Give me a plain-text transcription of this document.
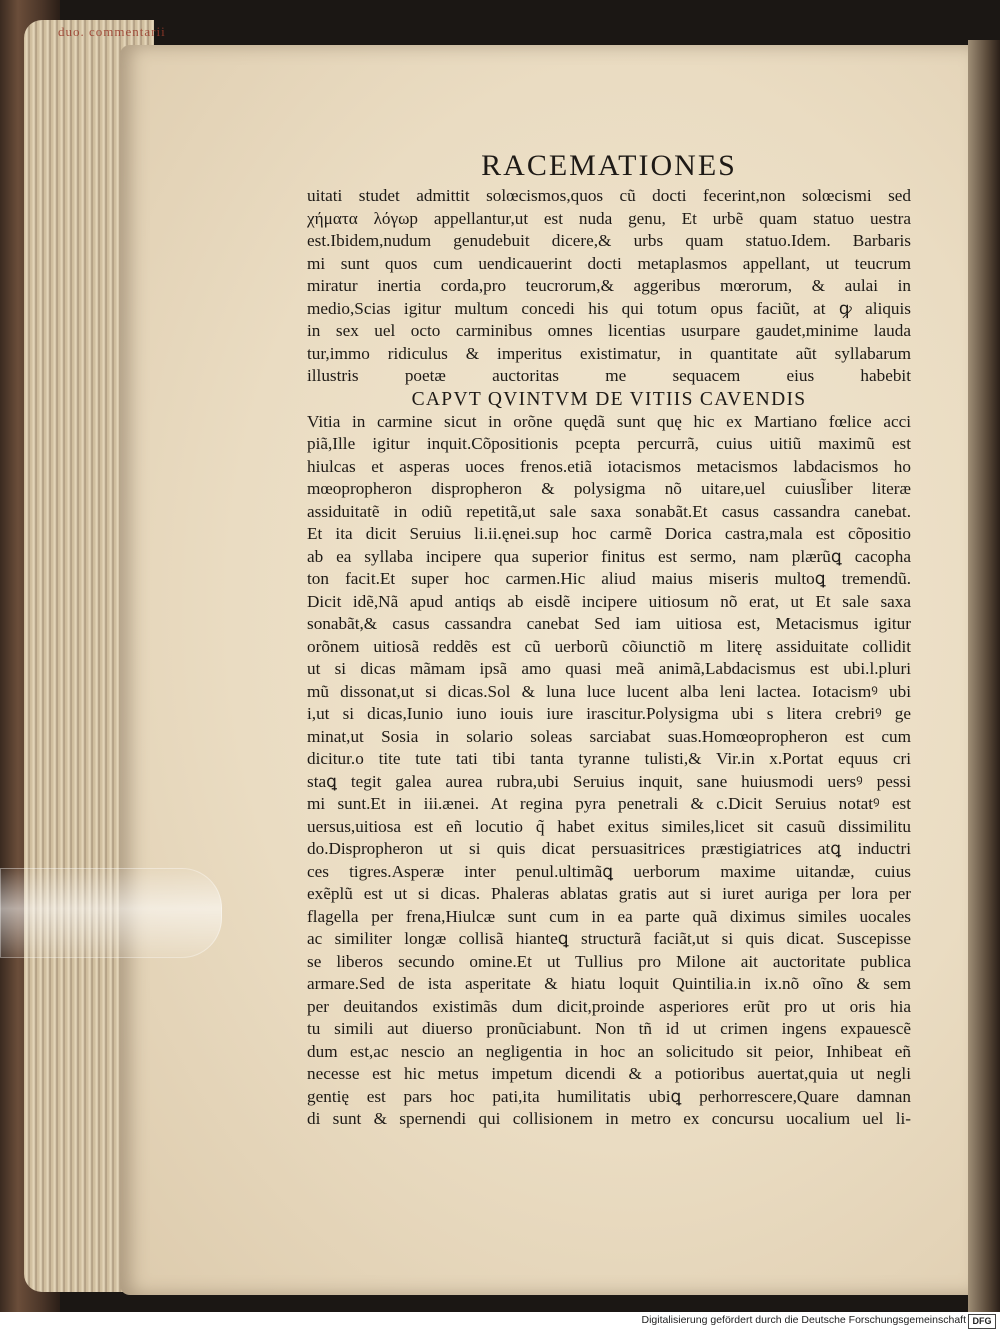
duo. commentarii
RACEMATIONES
uitati studet admittit solœcismos,quos cũ docti fecerint,non solœcismi sed
χήματα λόγωp appellantur,ut est nuda genu, Et urbẽ quam statuo uestra
est.Ibidem,nudum genudebuit dicere,& urbs quam statuo.Idem. Barbaris
mi sunt quos cum uendicauerint docti metaplasmos appellant, ut teucrum
miratur inertia corda,pro teucrorum,& aggeribus mœrorum, & aulai in
medio,Scias igitur multum concedi his qui totum opus faciũt, at ꝙ aliquis
in sex uel octo carminibus omnes licentias usurpare gaudet,minime lauda
tur,immo ridiculus & imperitus existimatur, in quantitate aũt syllabarum
illustris poetæ auctoritas me sequacem eius habebit
CAPVT QVINTVM DE VITIIS CAVENDIS
Vitia in carmine sicut in orõne quędã sunt quę hic ex Martiano fœlice acci
piã,Ille igitur inquit.Cõpositionis pcepta percurrã, cuius uitiũ maximũ est
hiulcas et asperas uoces frenos.etiã iotacismos metacismos labdacismos ho
mœopropheron dispropheron & polysigma nõ uitare,uel cuiusl̃iber literæ
assiduitatẽ in odiũ repetitã,ut sale saxa sonabãt.Et casus cassandra canebat.
Et ita dicit Seruius li.ii.ęnei.sup hoc carmẽ Dorica castra,mala est cõpositio
ab ea syllaba incipere qua superior finitus est sermo, nam plærũꝗ cacopha
ton facit.Et super hoc carmen.Hic aliud maius miseris multoꝗ tremendũ.
Dicit idẽ,Nã apud antiqs ab eisdẽ incipere uitiosum nõ erat, ut Et sale saxa
sonabãt,& casus cassandra canebat Sed iam uitiosa est, Metacismus igitur
orõnem uitiosã reddẽs est cũ uerborũ cõiunctiõ m literę assiduitate collidit
ut si dicas mãmam ipsã amo quasi meã animã,Labdacismus est ubi.l.pluri
mũ dissonat,ut si dicas.Sol & luna luce lucent alba leni lactea. Iotacismꝰ ubi
i,ut si dicas,Iunio iuno iouis iure irascitur.Polysigma ubi s litera crebriꝰ ge
minat,ut Sosia in solario soleas sarciabat suas.Homœopropheron est cum
dicitur.o tite tute tati tibi tanta tyranne tulisti,& Vir.in x.Portat equus cri
staꝗ tegit galea aurea rubra,ubi Seruius inquit, sane huiusmodi uersꝰ pessi
mi sunt.Et in iii.ænei. At regina pyra penetrali & c.Dicit Seruius notatꝰ est
uersus,uitiosa est eñ locutio q̃ habet exitus similes,licet sit casuũ dissimilitu
do.Dispropheron ut si quis dicat persuasitrices præstigiatrices atꝗ inductri
ces tigres.Asperæ inter penul.ultimãꝗ uerborum maxime uitandæ, cuius
exẽplũ est ut si dicas. Phaleras ablatas gratis aut si iuret auriga per lora per
flagella per frena,Hiulcæ sunt cum in ea parte quã diximus similes uocales
ac similiter longæ collisã hianteꝗ structurã faciãt,ut si quis dicat. Suscepisse
se liberos secundo omine.Et ut Tullius pro Milone ait auctoritate publica
armare.Sed de ista asperitate & hiatu loquit Quintilia.in ix.nõ oĩno & sem
per deuitandos existimãs dum dicit,proinde asperiores erũt pro ut oris hia
tu simili aut diuerso pronũciabunt. Non tñ id ut crimen ingens expauescẽ
dum est,ac nescio an negligentia in hoc an solicitudo sit peior, Inhibeat eñ
necesse est hic metus impetum dicendi & a potioribus auertat,quia ut negli
gentię est pars hoc pati,ita humilitatis ubiꝗ perhorrescere,Quare damnan
di sunt & spernendi qui collisionem in metro ex concursu uocalium uel li-
Digitalisierung gefördert durch die Deutsche Forschungsgemeinschaft DFG
